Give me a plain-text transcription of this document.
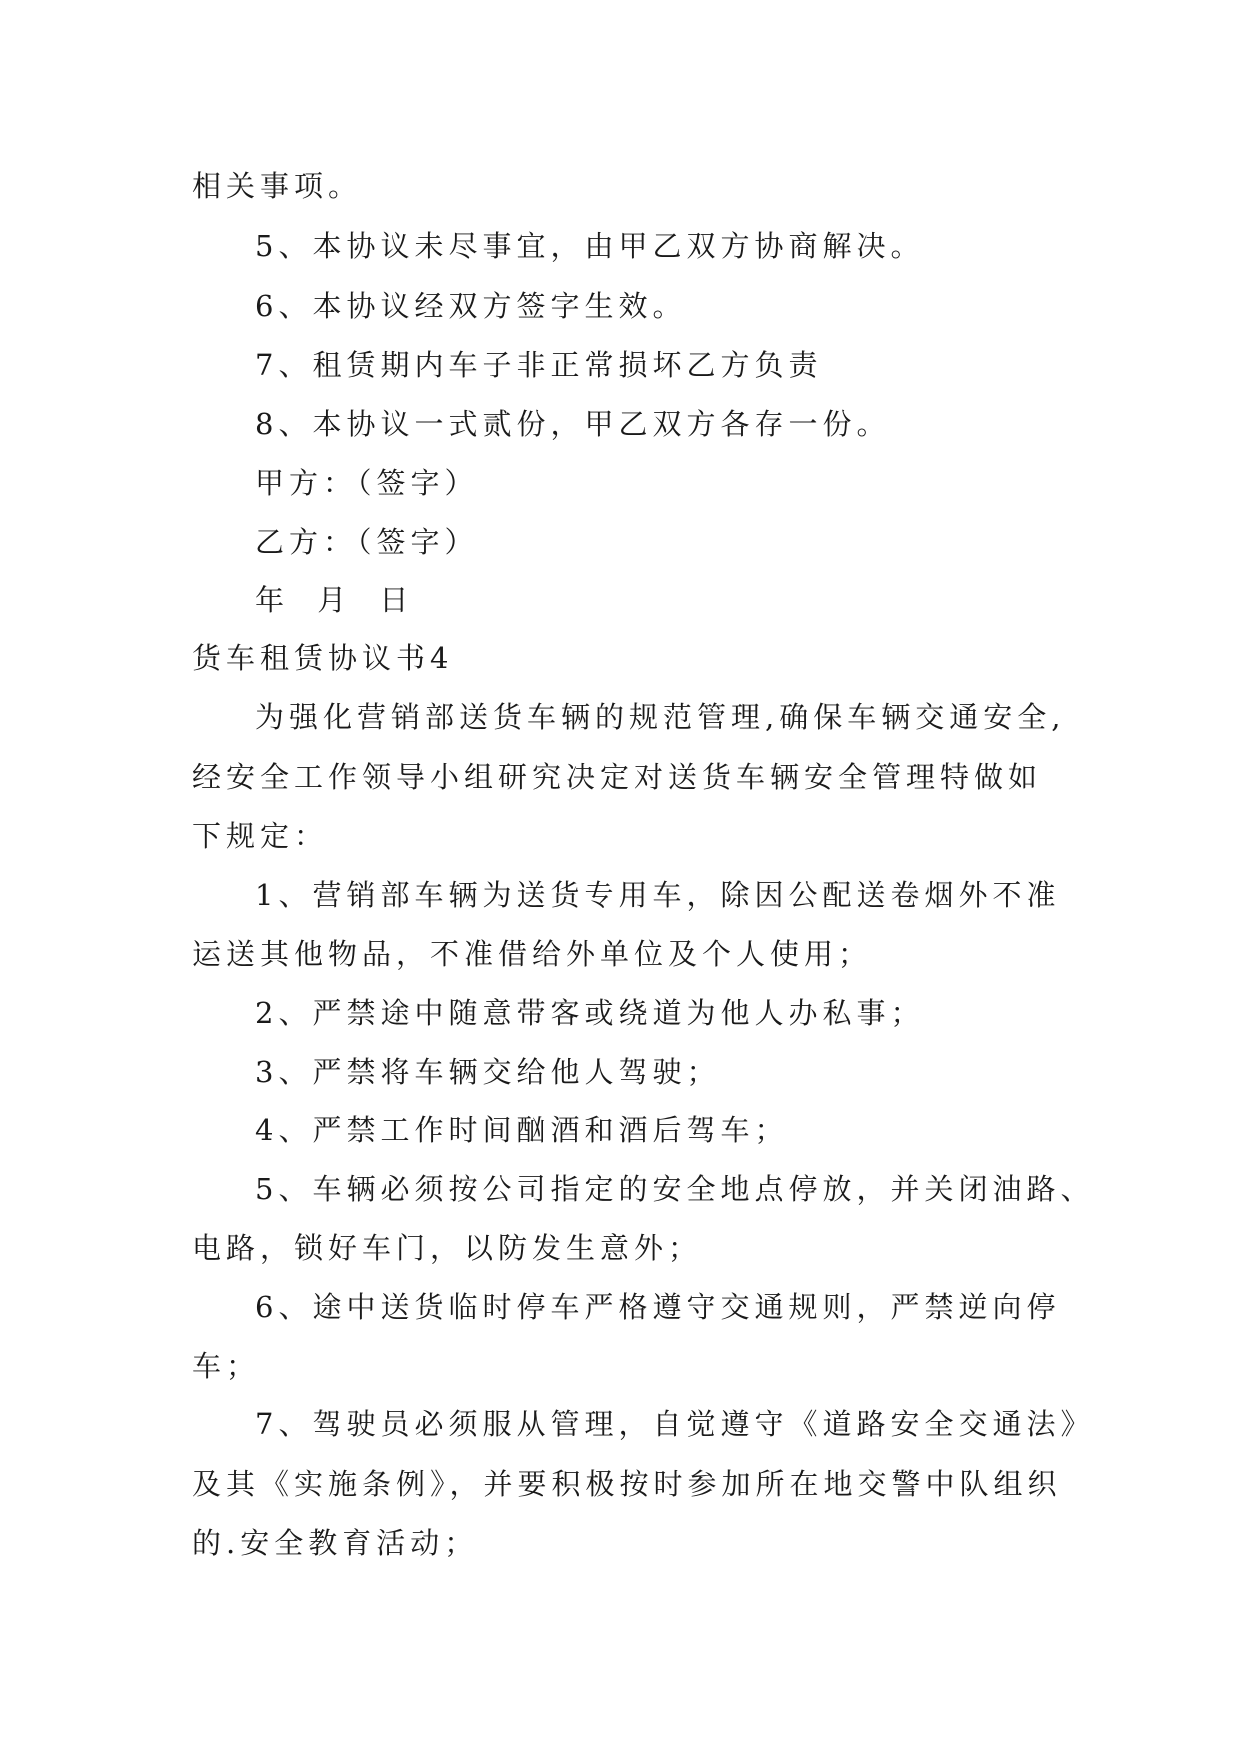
相关事项。

5、本协议未尽事宜，由甲乙双方协商解决。

6、本协议经双方签字生效。

7、租赁期内车子非正常损坏乙方负责

8、本协议一式贰份，甲乙双方各存一份。

甲方：（签字）

乙方：（签字）

年 月 日

货车租赁协议书4

为强化营销部送货车辆的规范管理,确保车辆交通安全,

经安全工作领导小组研究决定对送货车辆安全管理特做如

下规定：

1、营销部车辆为送货专用车，除因公配送卷烟外不准

运送其他物品，不准借给外单位及个人使用；

2、严禁途中随意带客或绕道为他人办私事；

3、严禁将车辆交给他人驾驶；

4、严禁工作时间酗酒和酒后驾车；

5、车辆必须按公司指定的安全地点停放，并关闭油路、

电路，锁好车门，以防发生意外；

6、途中送货临时停车严格遵守交通规则，严禁逆向停

车；

7、驾驶员必须服从管理，自觉遵守《道路安全交通法》

及其《实施条例》，并要积极按时参加所在地交警中队组织

的.安全教育活动；
